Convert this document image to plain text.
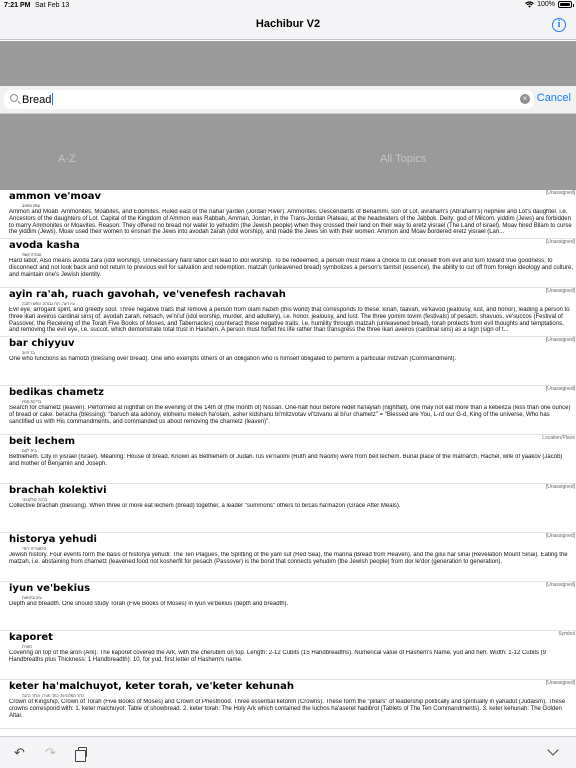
7:21 PM Sat Feb 13	100%
Hachibur V2	i
Bread	× Cancel
A-Z	All Topics
[Unassigned]
ammon ve'moav
עמון ומואב
Ammon and Moab. Ammonites, Moabites, and Edomites. Ruled east of the nahar yarden (Jordan River). Ammorites: Descendants of Benammi, son of Lot, avraham's (Abraham's) nephew and Lot's daughter. i.e. Ancestors of the daughters of Lot. Capital of the Kingdom of Ammon was Rabbah, Amman, Jordan, in the Trans-Jordan Plateau, at the headwaters of the Jabbok. Deity: god of Milcom. yiddim (Jews) are forbidden to marry Ammonites or Moavites. Reason: They offered no bread nor water to yehudim (the Jewish people) when they crossed their land on their way to eretz yisrael (The Land of israel). Moav hired Bilam to curse the yiddim (Jews). Moav used their women to ensnarl the Jews into avodah zarah (idol worship), and made the Jews sin with their women. Ammon and Moav bordered eretz yisrael (Lan...
[Unassigned]
avoda kasha
עבודה קשה
Hard labor. Also means avoda zara (idol worship). Unnecessary hard labor can lead to idol worship. To be redeemed, a person must make a choice to cut oneself from evil and turn toward true goodness; to disconnect and not look back and not return to previous evil for salvation and redemption. matzah (unleavened bread) symbolizes a person's tamtsit (essence), the ability to cut off from foreign ideology and culture, and maintain one's Jewish identity.
[Unassigned]
ayin ra'ah, ruach gavohah, ve'venefesh rachavah
עין רעה, רוח גבוהה, ונפש רחבה
Evil eye, arrogant spirit, and greedy soul. Three negative traits that remove a person from olam hazeh (this world) that corresponds to these: kinah, taavah, ve'kavod (jealousy, lust, and honor), leading a person to three ikari aveiros cardinal sins) of: avodah zarah, retsach, ve'ni'uf (idol worship, murder, and adultery), i.e. honor, jealousy, and lust. The three yomim tovim (festivals) of pesach, shavuos, ve'succos (Festival of Passover, the Receiving of the Torah Five Books of Moses, and Tabernacles) counteract these negative traits. i.e. humility through matzah (unleavened bread), torah protects from evil thoughts and temptations, and removing the evil eye, i.e. succot, which demonstrate total trust in Hashem. A person must forfeit his life rather than transgress the three ikari aveiros (cardinal sins) as a sign (sign of t...
[Unassigned]
bar chiyyuv
בר חיוב
One who functions as hamotzi (blessing over bread). One who exempts others of an obligation who is himself obligated to perform a particular mitzvah (Commandment).
[Unassigned]
bedikas chametz
בדיקת חמץ
Search for chametz (leaven). Performed at nightfall on the evening of the 14th of (the month of) Nissan. One-half hour before redet ha'laylah (nightfall), one may not eat more than a kebeitza (less than one ounce) of bread or cake. beracha (blessing): "baruch ata adonoy, eloheinu melech ha'olam, asher kidshanu bi'mitzvotav vi'tzivanu al bi'ur chametz" = "Blessed are You, L-rd our G-d, King of the universe, Who has sanctified us with His commandments, and commanded us about removing the chametz (leaven)".
Location/Place
beit lechem
בית לחם
Bethlehem. City in yisrael (Israel). Meaning: House of bread. Known as Bethlehem of Judah. rus ve'naomi (Ruth and Naomi) were from beit lechem. Burial place of the matriarch, Rachel, wife of yaakov (Jacob) and mother of Benjamin and Joseph.
[Unassigned]
brachah kolektivi
ברכה קולקטיבי
Collective brachah (blessing). When three or more eat lechem (bread) together, a leader "summons" others to bircas ha'mazon (Grace After Meals).
[Unassigned]
historya yehudi
היסטוריה יהודי
Jewish history. Four events form the basis of historya yehudi: The Ten Plagues, the Splitting of the yam suf (Red Sea), the manna (Bread from Heaven), and the gilui har sinai (Revelation Mount Sinai). Eating the matzah, i.e. abstaining from chametz (leavened food not kosherfit for pesach (Passover) is the bond that connects yehudim (the Jewish people) from dor le'dor (generation to generation).
[Unassigned]
iyun ve'bekius
עיון ובקיאות
Depth and breadth. One should study Torah (Five Books of Moses) in iyun ve'bekius (depth and breadth).
Symbol
kaporet
כפורת
Covering on top of the aron (Ark). The kaporet covered the Ark, with the cherubim on top. Length: 2-12 Cubits (15 Handbreadths). Numerical value of Hashem's Name, yud and heh. Width: 1-12 Cubits (9 Handbreaths plus Thickness: 1 Handbreadth): 10, for yud, first letter of Hashem's name.
[Unassigned]
keter ha'malchuyot, keter torah, ve'keter kehunah
כתר המלכויות, כתר תורה, וכתר כהנה
Crown of Kingship, Crown of Torah (Five Books of Moses) and Crown of Priesthood. Three essential ketorim (Crowns). These form the "pillars" of leadership politically and spiritually in yahadut (Judaism). These crowns correspond with: 1. keter malchuyot: Table of showbread. 2. keter torah: The Holy Ark which contained the luchos ha'aseret hadibrot (Tablets of The Ten Commandments). 3. keter kehunah: The Golden Altar.
↶ ↷
